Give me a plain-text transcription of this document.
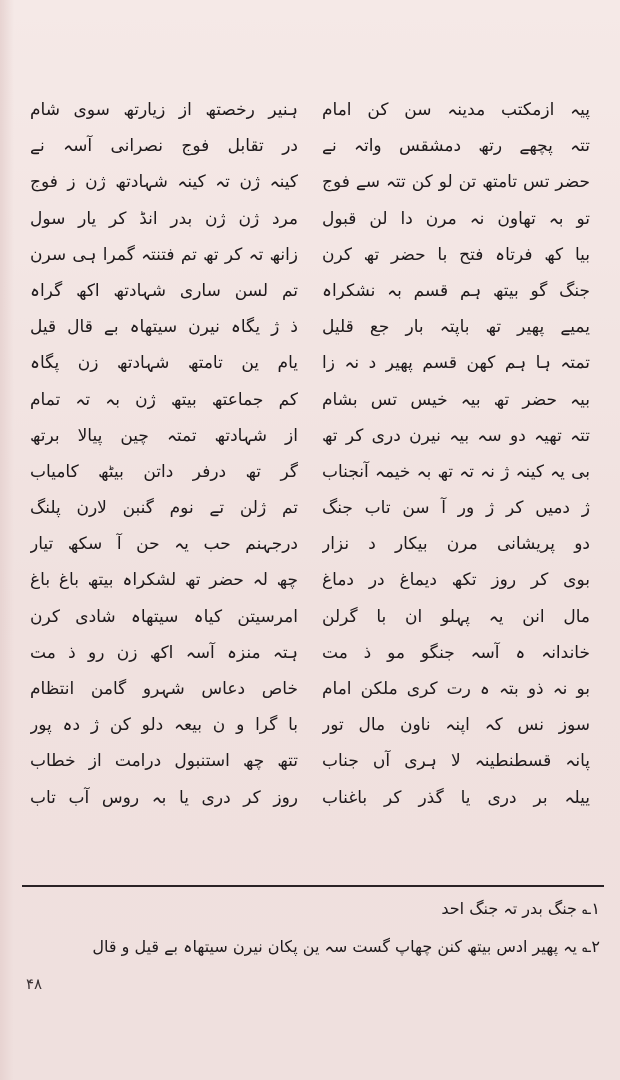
پیہ ازمکتب مدینہ سن کن امام
تتہ پچھے رتھ دمشقس واتہ نے
حضر تس تامتھ تن لو کن تتہ سے فوج
تو بہ تھاون نہ مرن دا لن قبول
بیا کھ فرتاہ فتح با حضر تھ کرن
جنگ گو بیتھ ہم قسم بہ نشکراہ
یمیے پھیر تھ باپتہ بار جع قلیل
تمتہ ہا ہم کھن قسم پھیر د نہ زا
بیہ حضر تھ بیہ خیس تس بشام
تتہ تھیہ دو سہ بیہ نیرن دری کر تھ
بی یہ کینہ ژ نہ تہ تھ بہ خیمہ آنجناب
ژ دمیں کر ژ ور آ سن تاب جنگ
دو پریشانی مرن بیکار د نزار
بوی کر روز تکھ دیماغ در دماغ
مال انن یہ پہلو ان با گرلن
خاندانہ ہ آسہ جنگو مو ذ مت
بو نہ ذو بتہ ہ رت کری ملکن امام
سوز نس کہ اپنہ ناون مال تور
پانہ قسطنطینہ لا ہری آں جناب
ییلہ بر دری یا گذر کر باغناب
ہنیر رخصتھ از زیارتھ سوی شام
در تقابل فوج نصرانی آسہ نے
کینہ ژن تہ کینہ شہادتھ ژن ز فوج
مرد ژن ژن بدر انڈ کر یار سول
زانھ تہ کر تھ تم فتنتہ گمرا ہی سرن
تم لسن ساری شہادتھ اکھ گراہ
ذ ژ یگاہ نیرن سیتھاہ بے قال قیل
یام ین تامتھ شہادتھ زن پگاہ
کم جماعتھ بیتھ ژن بہ تہ تمام
از شہادتھ تمتہ چین پیالا برتھ
گر تھ درفر داتن بیٹھ کامیاب
تم ژلن تے نوم گنبن لارن پلنگ
درجہنم حب یہ حن آ سکھ تیار
چھ لہ حضر تھ لشکراہ بیتھ باغ باغ
امرسیتن کیاہ سیتھاہ شادی کرن
ہتہ منزہ آسہ اکھ زن رو ذ مت
خاص دعاس شہرو گامن انتظام
با گرا و ن بیعہ دلو کن ژ دہ پور
تتھ چھ استنبول درامت از خطاب
روز کر دری یا بہ روس آب تاب
۱؎ جنگ بدر تہ جنگ احد
۲؎ یہ پھیر ادس بیتھ کنن چھاپ گست سہ ین پکان نیرن سیتھاہ بے قیل و قال
۴۸
